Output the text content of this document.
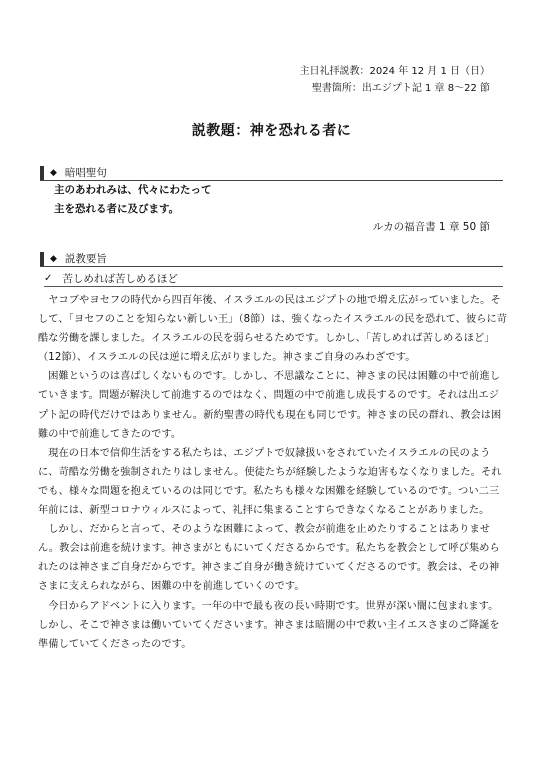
主日礼拝説教：2024 年 12 月 1 日（日）
聖書箇所：出エジプト記 1 章 8～22 節
説教題：神を恐れる者に
◆ 暗唱聖句
主のあわれみは、代々にわたって
主を恐れる者に及びます。
ルカの福音書 1 章 50 節
◆ 説教要旨
✓ 苦しめれば苦しめるほど

ヤコブやヨセフの時代から四百年後、イスラエルの民はエジプトの地で増え広がっていました。そして、「ヨセフのことを知らない新しい王」（8節）は、強くなったイスラエルの民を恐れて、彼らに苛酷な労働を課しました。イスラエルの民を弱らせるためです。しかし、「苦しめれば苦しめるほど」（12節）、イスラエルの民は逆に増え広がりました。神さまご自身のみわざです。

困難というのは喜ばしくないものです。しかし、不思議なことに、神さまの民は困難の中で前進していきます。問題が解決して前進するのではなく、問題の中で前進し成長するのです。それは出エジプト記の時代だけではありません。新約聖書の時代も現在も同じです。神さまの民の群れ、教会は困難の中で前進してきたのです。

現在の日本で信仰生活をする私たちは、エジプトで奴隷扱いをされていたイスラエルの民のように、苛酷な労働を強制されたりはしません。使徒たちが経験したような迫害もなくなりました。それでも、様々な問題を抱えているのは同じです。私たちも様々な困難を経験しているのです。つい二三年前には、新型コロナウィルスによって、礼拝に集まることすらできなくなることがありました。

しかし、だからと言って、そのような困難によって、教会が前進を止めたりすることはありません。教会は前進を続けます。神さまがともにいてくださるからです。私たちを教会として呼び集められたのは神さまご自身だからです。神さまご自身が働き続けていてくださるのです。教会は、その神さまに支えられながら、困難の中を前進していくのです。

今日からアドベントに入ります。一年の中で最も夜の長い時期です。世界が深い闇に包まれます。しかし、そこで神さまは働いていてくださいます。神さまは暗闇の中で救い主イエスさまのご降誕を準備していてくださったのです。
